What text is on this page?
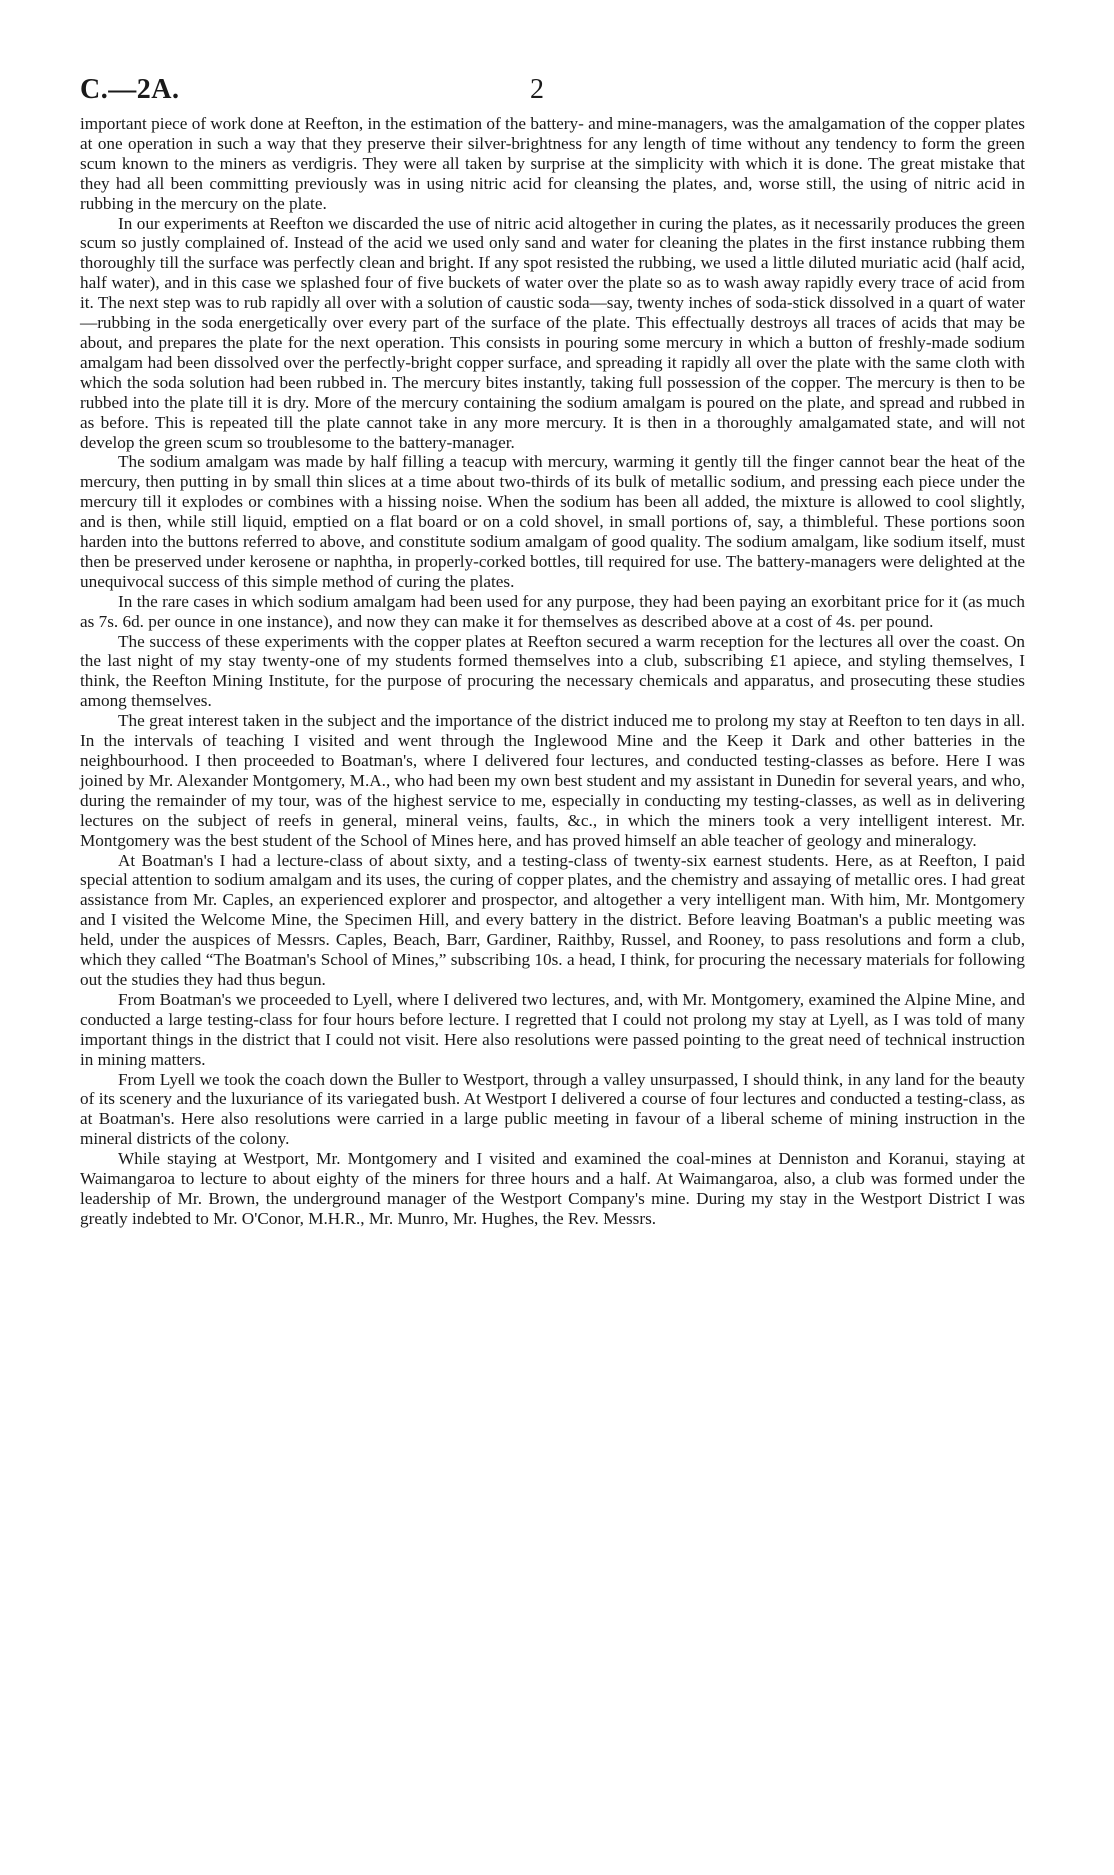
C.—2A.	2

important piece of work done at Reefton, in the estimation of the battery- and mine-managers, was the amalgamation of the copper plates at one operation in such a way that they preserve their silver-brightness for any length of time without any tendency to form the green scum known to the miners as verdigris. They were all taken by surprise at the simplicity with which it is done. The great mistake that they had all been committing previously was in using nitric acid for cleansing the plates, and, worse still, the using of nitric acid in rubbing in the mercury on the plate.

In our experiments at Reefton we discarded the use of nitric acid altogether in curing the plates, as it necessarily produces the green scum so justly complained of. Instead of the acid we used only sand and water for cleaning the plates in the first instance rubbing them thoroughly till the surface was perfectly clean and bright. If any spot resisted the rubbing, we used a little diluted muriatic acid (half acid, half water), and in this case we splashed four of five buckets of water over the plate so as to wash away rapidly every trace of acid from it. The next step was to rub rapidly all over with a solution of caustic soda—say, twenty inches of soda-stick dissolved in a quart of water—rubbing in the soda energetically over every part of the surface of the plate. This effectually destroys all traces of acids that may be about, and prepares the plate for the next operation. This consists in pouring some mercury in which a button of freshly-made sodium amalgam had been dissolved over the perfectly-bright copper surface, and spreading it rapidly all over the plate with the same cloth with which the soda solution had been rubbed in. The mercury bites instantly, taking full possession of the copper. The mercury is then to be rubbed into the plate till it is dry. More of the mercury containing the sodium amalgam is poured on the plate, and spread and rubbed in as before. This is repeated till the plate cannot take in any more mercury. It is then in a thoroughly amalgamated state, and will not develop the green scum so troublesome to the battery-manager.

The sodium amalgam was made by half filling a teacup with mercury, warming it gently till the finger cannot bear the heat of the mercury, then putting in by small thin slices at a time about two-thirds of its bulk of metallic sodium, and pressing each piece under the mercury till it explodes or combines with a hissing noise. When the sodium has been all added, the mixture is allowed to cool slightly, and is then, while still liquid, emptied on a flat board or on a cold shovel, in small portions of, say, a thimbleful. These portions soon harden into the buttons referred to above, and constitute sodium amalgam of good quality. The sodium amalgam, like sodium itself, must then be preserved under kerosene or naphtha, in properly-corked bottles, till required for use. The battery-managers were delighted at the unequivocal success of this simple method of curing the plates.

In the rare cases in which sodium amalgam had been used for any purpose, they had been paying an exorbitant price for it (as much as 7s. 6d. per ounce in one instance), and now they can make it for themselves as described above at a cost of 4s. per pound.

The success of these experiments with the copper plates at Reefton secured a warm reception for the lectures all over the coast. On the last night of my stay twenty-one of my students formed themselves into a club, subscribing £1 apiece, and styling themselves, I think, the Reefton Mining Institute, for the purpose of procuring the necessary chemicals and apparatus, and prosecuting these studies among themselves.

The great interest taken in the subject and the importance of the district induced me to prolong my stay at Reefton to ten days in all. In the intervals of teaching I visited and went through the Inglewood Mine and the Keep it Dark and other batteries in the neighbourhood. I then proceeded to Boatman's, where I delivered four lectures, and conducted testing-classes as before. Here I was joined by Mr. Alexander Montgomery, M.A., who had been my own best student and my assistant in Dunedin for several years, and who, during the remainder of my tour, was of the highest service to me, especially in conducting my testing-classes, as well as in delivering lectures on the subject of reefs in general, mineral veins, faults, &c., in which the miners took a very intelligent interest. Mr. Montgomery was the best student of the School of Mines here, and has proved himself an able teacher of geology and mineralogy.

At Boatman's I had a lecture-class of about sixty, and a testing-class of twenty-six earnest students. Here, as at Reefton, I paid special attention to sodium amalgam and its uses, the curing of copper plates, and the chemistry and assaying of metallic ores. I had great assistance from Mr. Caples, an experienced explorer and prospector, and altogether a very intelligent man. With him, Mr. Montgomery and I visited the Welcome Mine, the Specimen Hill, and every battery in the district. Before leaving Boatman's a public meeting was held, under the auspices of Messrs. Caples, Beach, Barr, Gardiner, Raithby, Russel, and Rooney, to pass resolutions and form a club, which they called “The Boatman's School of Mines,” subscribing 10s. a head, I think, for procuring the necessary materials for following out the studies they had thus begun.

From Boatman's we proceeded to Lyell, where I delivered two lectures, and, with Mr. Montgomery, examined the Alpine Mine, and conducted a large testing-class for four hours before lecture. I regretted that I could not prolong my stay at Lyell, as I was told of many important things in the district that I could not visit. Here also resolutions were passed pointing to the great need of technical instruction in mining matters.

From Lyell we took the coach down the Buller to Westport, through a valley unsurpassed, I should think, in any land for the beauty of its scenery and the luxuriance of its variegated bush. At Westport I delivered a course of four lectures and conducted a testing-class, as at Boatman's. Here also resolutions were carried in a large public meeting in favour of a liberal scheme of mining instruction in the mineral districts of the colony.

While staying at Westport, Mr. Montgomery and I visited and examined the coal-mines at Denniston and Koranui, staying at Waimangaroa to lecture to about eighty of the miners for three hours and a half. At Waimangaroa, also, a club was formed under the leadership of Mr. Brown, the underground manager of the Westport Company's mine. During my stay in the Westport District I was greatly indebted to Mr. O'Conor, M.H.R., Mr. Munro, Mr. Hughes, the Rev. Messrs.
